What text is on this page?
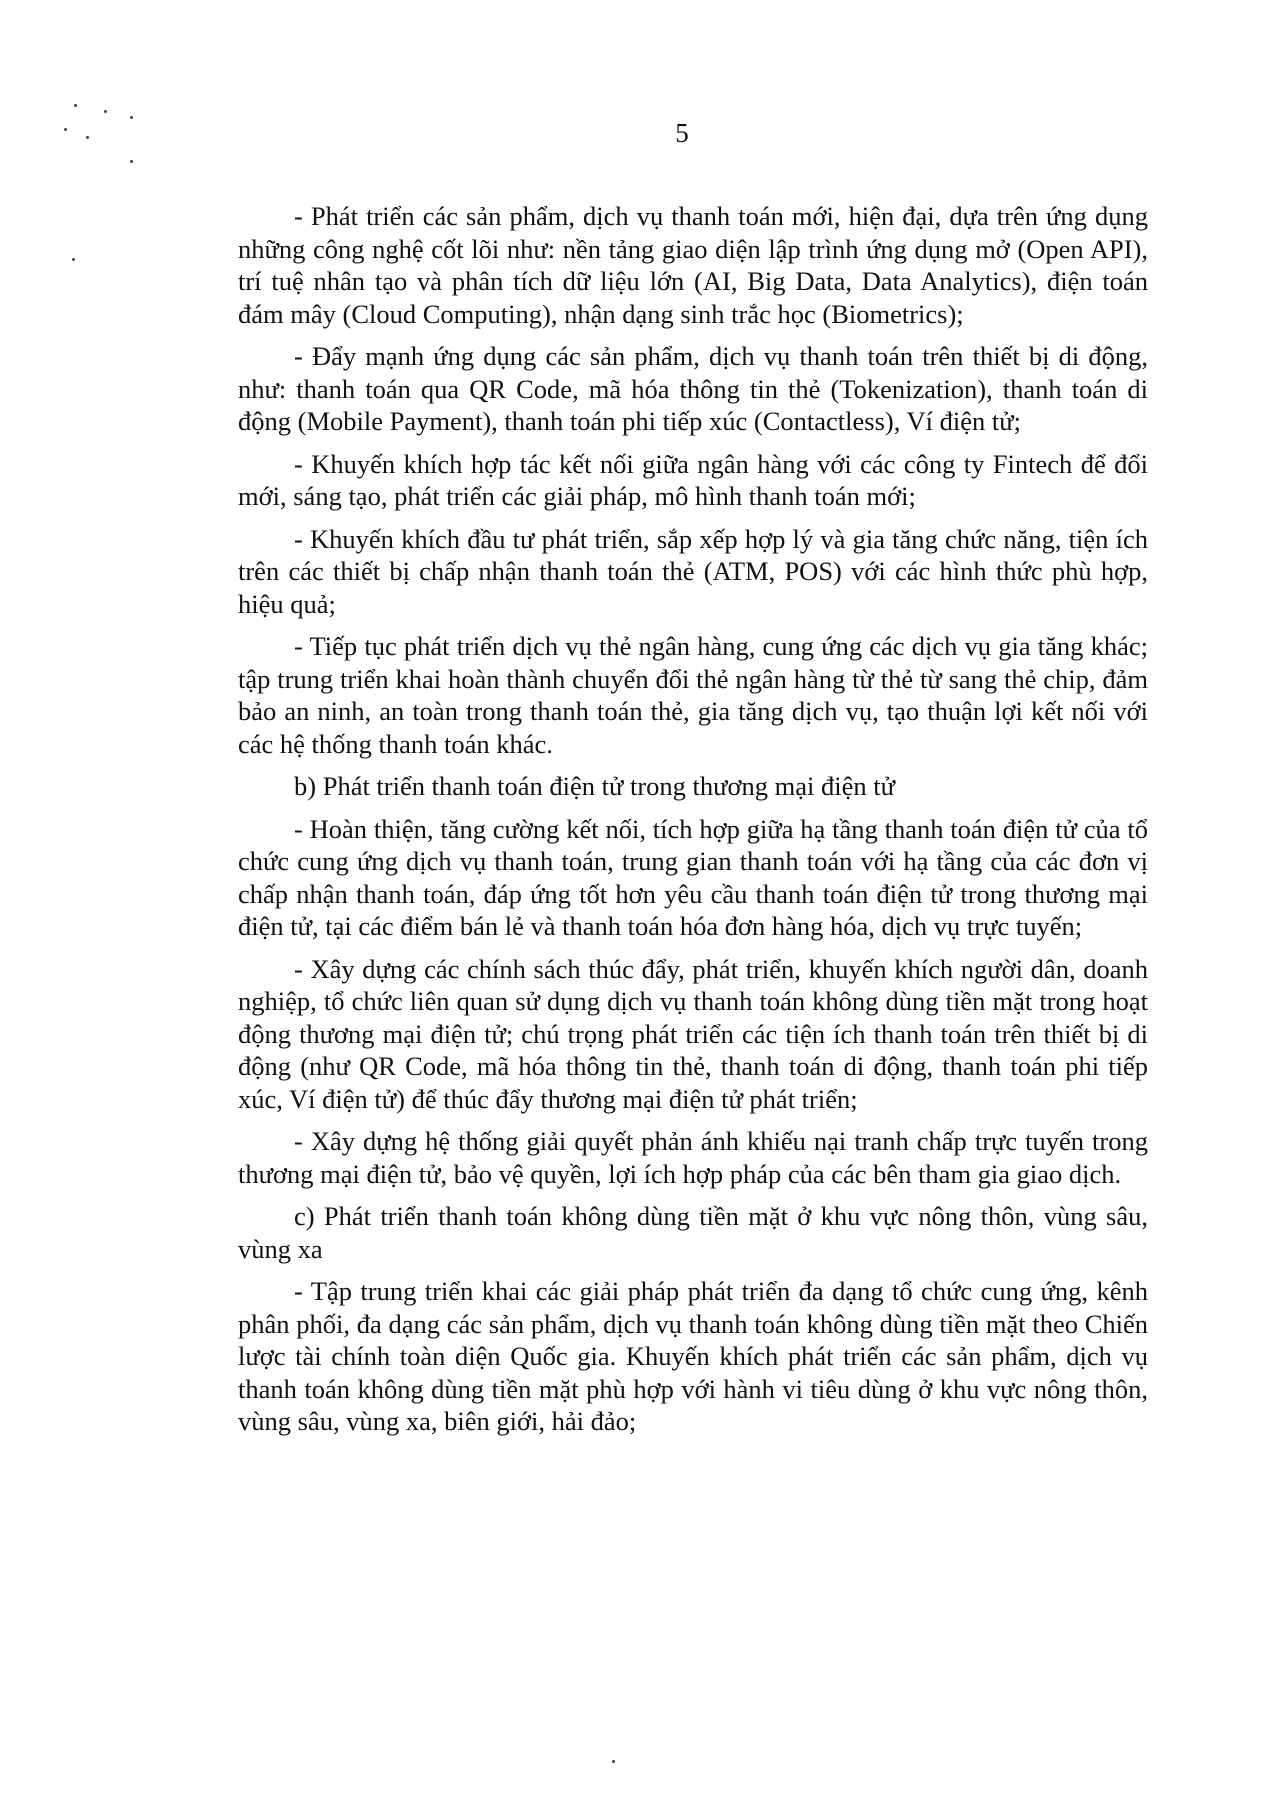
5

- Phát triển các sản phẩm, dịch vụ thanh toán mới, hiện đại, dựa trên ứng dụng những công nghệ cốt lõi như: nền tảng giao diện lập trình ứng dụng mở (Open API), trí tuệ nhân tạo và phân tích dữ liệu lớn (AI, Big Data, Data Analytics), điện toán đám mây (Cloud Computing), nhận dạng sinh trắc học (Biometrics);

- Đẩy mạnh ứng dụng các sản phẩm, dịch vụ thanh toán trên thiết bị di động, như: thanh toán qua QR Code, mã hóa thông tin thẻ (Tokenization), thanh toán di động (Mobile Payment), thanh toán phi tiếp xúc (Contactless), Ví điện tử;

- Khuyến khích hợp tác kết nối giữa ngân hàng với các công ty Fintech để đổi mới, sáng tạo, phát triển các giải pháp, mô hình thanh toán mới;

- Khuyến khích đầu tư phát triển, sắp xếp hợp lý và gia tăng chức năng, tiện ích trên các thiết bị chấp nhận thanh toán thẻ (ATM, POS) với các hình thức phù hợp, hiệu quả;

- Tiếp tục phát triển dịch vụ thẻ ngân hàng, cung ứng các dịch vụ gia tăng khác; tập trung triển khai hoàn thành chuyển đổi thẻ ngân hàng từ thẻ từ sang thẻ chip, đảm bảo an ninh, an toàn trong thanh toán thẻ, gia tăng dịch vụ, tạo thuận lợi kết nối với các hệ thống thanh toán khác.

b) Phát triển thanh toán điện tử trong thương mại điện tử

- Hoàn thiện, tăng cường kết nối, tích hợp giữa hạ tầng thanh toán điện tử của tổ chức cung ứng dịch vụ thanh toán, trung gian thanh toán với hạ tầng của các đơn vị chấp nhận thanh toán, đáp ứng tốt hơn yêu cầu thanh toán điện tử trong thương mại điện tử, tại các điểm bán lẻ và thanh toán hóa đơn hàng hóa, dịch vụ trực tuyến;

- Xây dựng các chính sách thúc đẩy, phát triển, khuyến khích người dân, doanh nghiệp, tổ chức liên quan sử dụng dịch vụ thanh toán không dùng tiền mặt trong hoạt động thương mại điện tử; chú trọng phát triển các tiện ích thanh toán trên thiết bị di động (như QR Code, mã hóa thông tin thẻ, thanh toán di động, thanh toán phi tiếp xúc, Ví điện tử) để thúc đẩy thương mại điện tử phát triển;

- Xây dựng hệ thống giải quyết phản ánh khiếu nại tranh chấp trực tuyến trong thương mại điện tử, bảo vệ quyền, lợi ích hợp pháp của các bên tham gia giao dịch.

c) Phát triển thanh toán không dùng tiền mặt ở khu vực nông thôn, vùng sâu, vùng xa

- Tập trung triển khai các giải pháp phát triển đa dạng tổ chức cung ứng, kênh phân phối, đa dạng các sản phẩm, dịch vụ thanh toán không dùng tiền mặt theo Chiến lược tài chính toàn diện Quốc gia. Khuyến khích phát triển các sản phẩm, dịch vụ thanh toán không dùng tiền mặt phù hợp với hành vi tiêu dùng ở khu vực nông thôn, vùng sâu, vùng xa, biên giới, hải đảo;
